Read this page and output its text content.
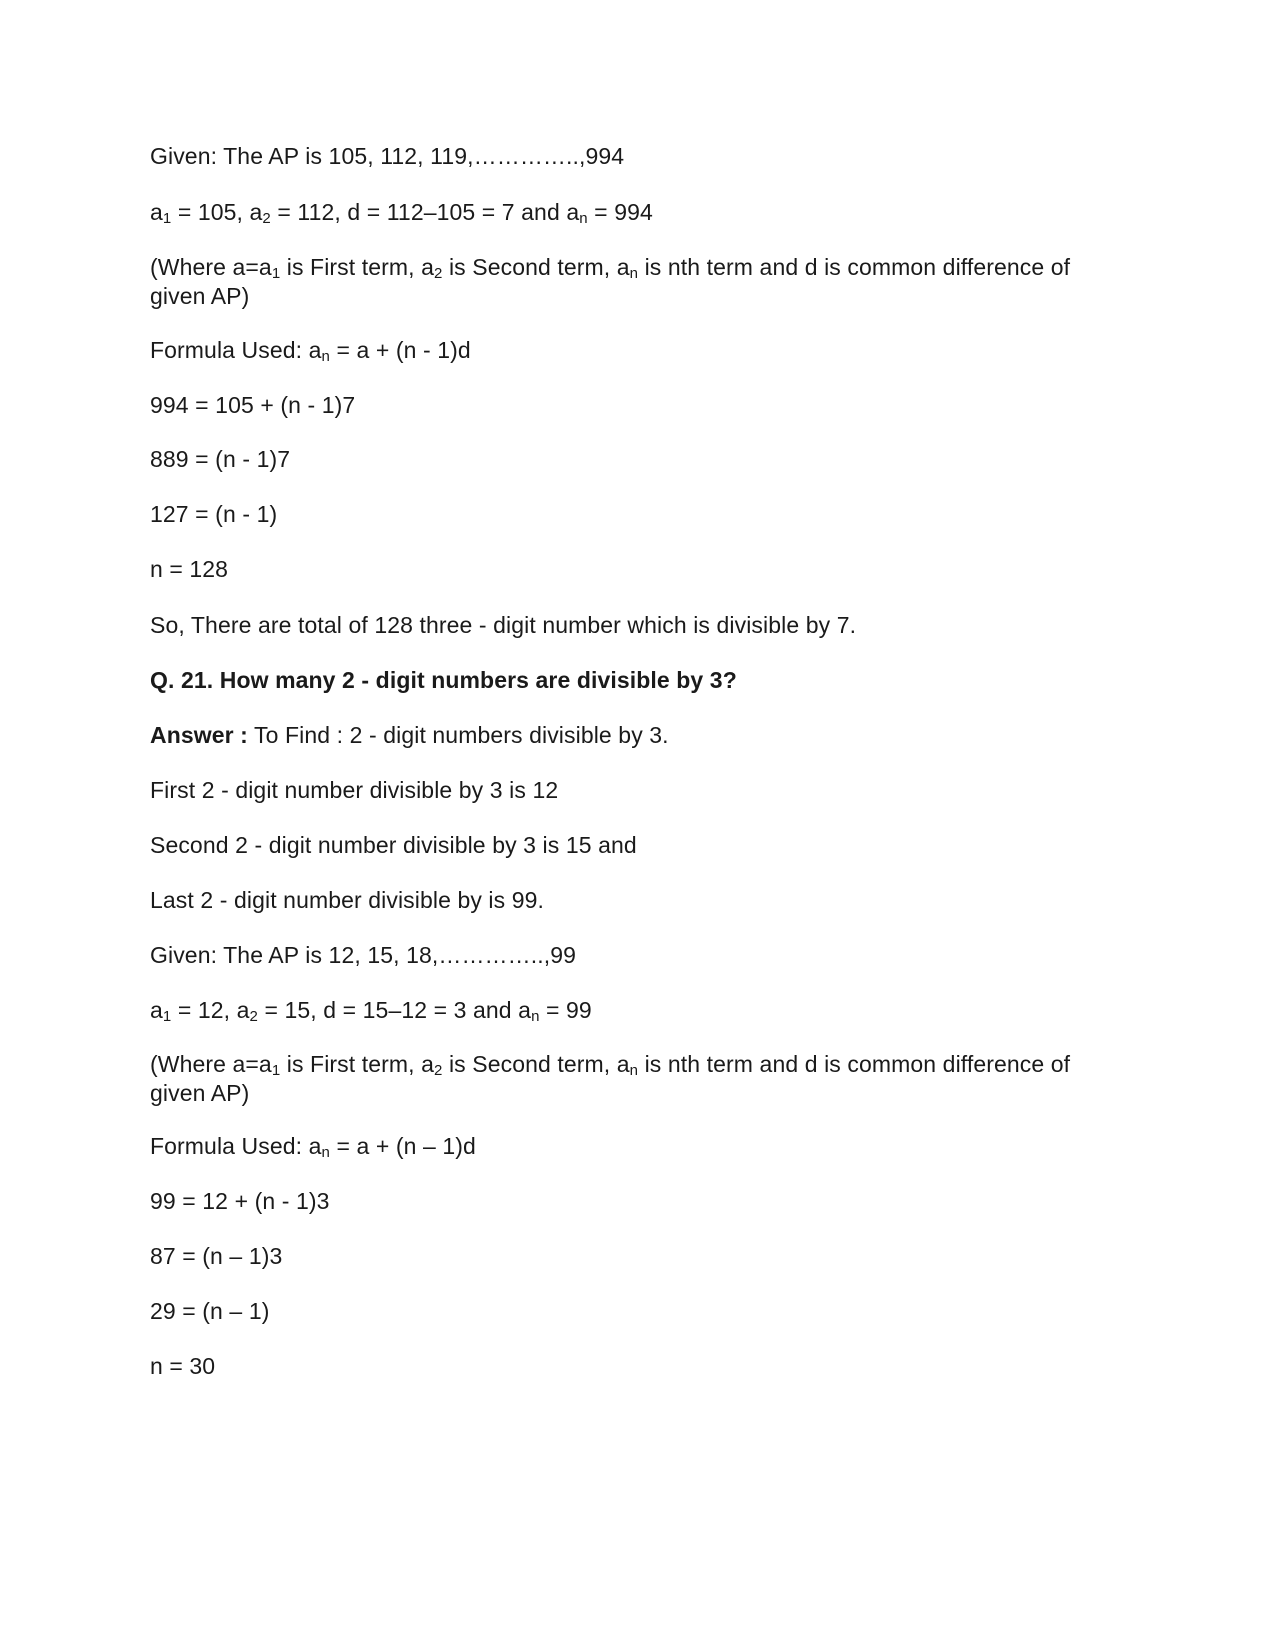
Given: The AP is 105, 112, 119,…………..,994
$a_1 = 105$, $a_2 = 112$, d = 112–105 = 7 and $a_n = 994$
(Where $a=a_1$ is First term, $a_2$ is Second term, $a_n$ is nth term and d is common difference of given AP)
Formula Used: $a_n = a + (n - 1)d$
994 = 105 + (n - 1)7
889 = (n - 1)7
127 = (n - 1)
n = 128
So, There are total of 128 three - digit number which is divisible by 7.
Q. 21. How many 2 - digit numbers are divisible by 3?
Answer : To Find : 2 - digit numbers divisible by 3.
First 2 - digit number divisible by 3 is 12
Second 2 - digit number divisible by 3 is 15 and
Last 2 - digit number divisible by is 99.
Given: The AP is 12, 15, 18,…………..,99
$a_1 = 12$, $a_2 = 15$, d = 15–12 = 3 and $a_n = 99$
(Where $a=a_1$ is First term, $a_2$ is Second term, $a_n$ is nth term and d is common difference of given AP)
Formula Used: $a_n = a + (n - 1)d$
99 = 12 + (n - 1)3
87 = (n – 1)3
29 = (n – 1)
n = 30
